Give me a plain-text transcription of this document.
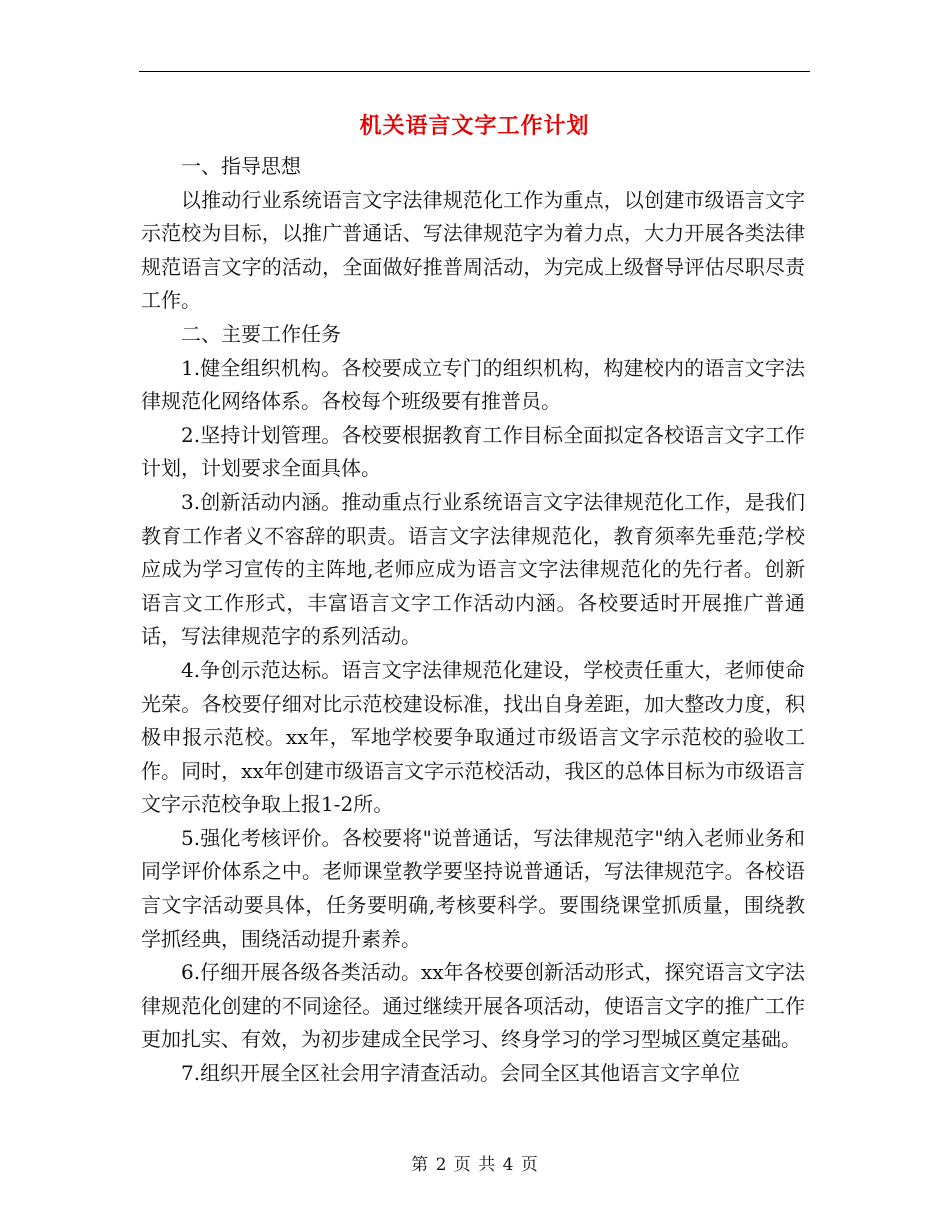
机关语言文字工作计划

一、指导思想

以推动行业系统语言文字法律规范化工作为重点，以创建市级语言文字示范校为目标，以推广普通话、写法律规范字为着力点，大力开展各类法律规范语言文字的活动，全面做好推普周活动，为完成上级督导评估尽职尽责工作。

二、主要工作任务

1.健全组织机构。各校要成立专门的组织机构，构建校内的语言文字法律规范化网络体系。各校每个班级要有推普员。

2.坚持计划管理。各校要根据教育工作目标全面拟定各校语言文字工作计划，计划要求全面具体。

3.创新活动内涵。推动重点行业系统语言文字法律规范化工作，是我们教育工作者义不容辞的职责。语言文字法律规范化，教育须率先垂范;学校应成为学习宣传的主阵地,老师应成为语言文字法律规范化的先行者。创新语言文工作形式，丰富语言文字工作活动内涵。各校要适时开展推广普通话，写法律规范字的系列活动。

4.争创示范达标。语言文字法律规范化建设，学校责任重大，老师使命光荣。各校要仔细对比示范校建设标准，找出自身差距，加大整改力度，积极申报示范校。xx年，军地学校要争取通过市级语言文字示范校的验收工作。同时，xx年创建市级语言文字示范校活动，我区的总体目标为市级语言文字示范校争取上报1-2所。

5.强化考核评价。各校要将"说普通话，写法律规范字"纳入老师业务和同学评价体系之中。老师课堂教学要坚持说普通话，写法律规范字。各校语言文字活动要具体，任务要明确,考核要科学。要围绕课堂抓质量，围绕教学抓经典，围绕活动提升素养。

6.仔细开展各级各类活动。xx年各校要创新活动形式，探究语言文字法律规范化创建的不同途径。通过继续开展各项活动，使语言文字的推广工作更加扎实、有效，为初步建成全民学习、终身学习的学习型城区奠定基础。

7.组织开展全区社会用字清查活动。会同全区其他语言文字单位

第 2 页 共 4 页
